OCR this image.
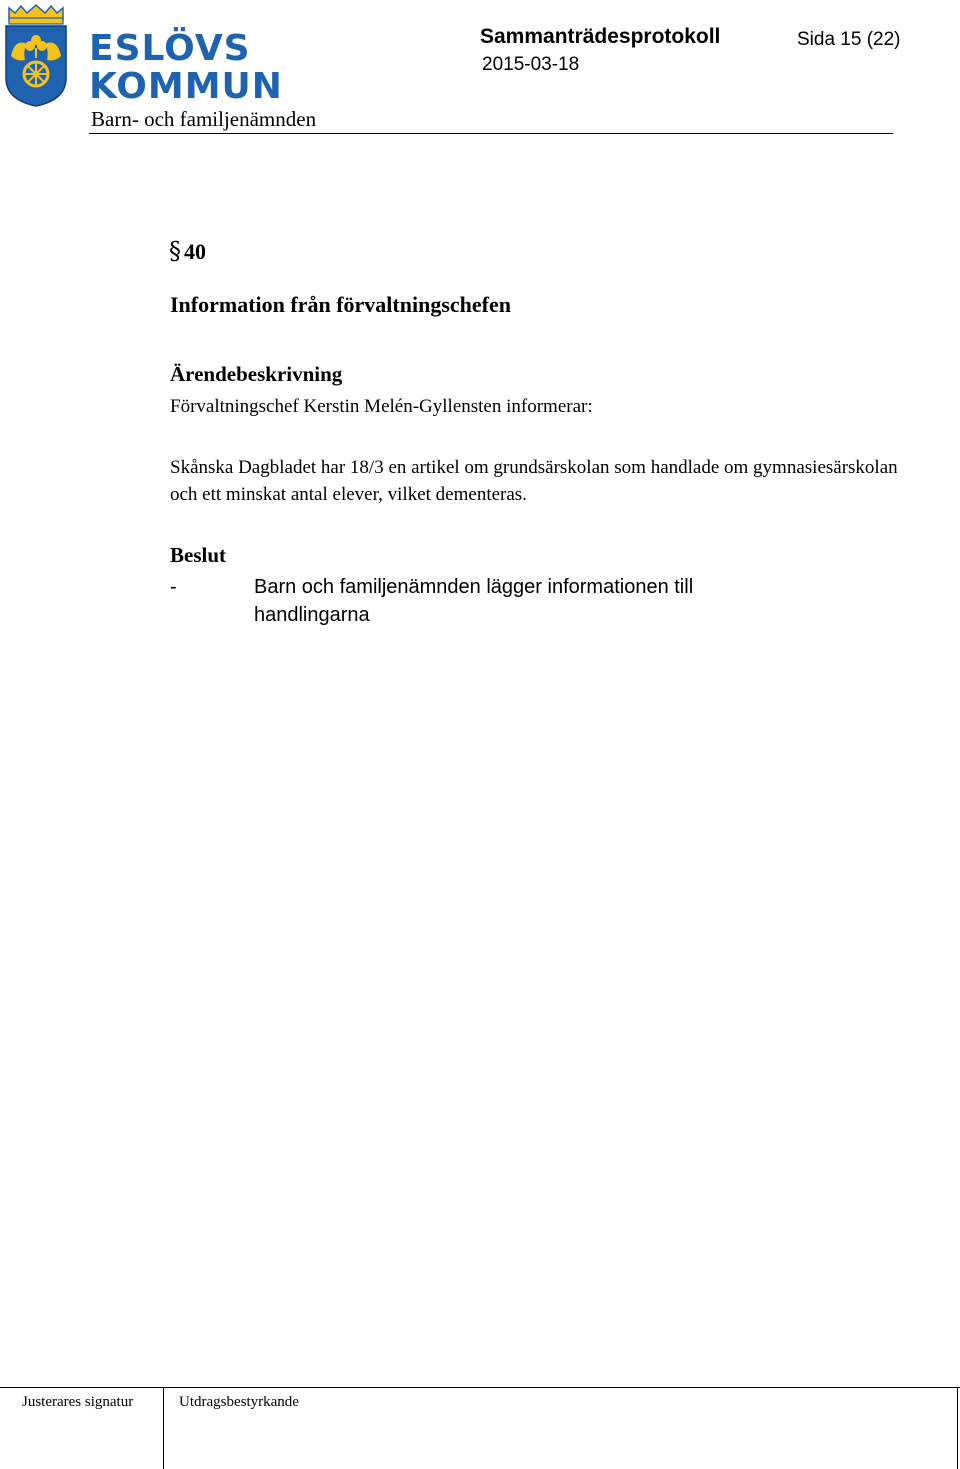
ESLÖVS
KOMMUN
Barn- och familjenämnden
Sammanträdesprotokoll
2015-03-18
Sida 15 (22)
§ 40
Information från förvaltningschefen
Ärendebeskrivning
Förvaltningschef Kerstin Melén-Gyllensten informerar:
Skånska Dagbladet har 18/3 en artikel om grundsärskolan som handlade om gymnasiesärskolan och ett minskat antal elever, vilket dementeras.
Beslut
-	Barn och familjenämnden lägger informationen till handlingarna
Justerares signatur	Utdragsbestyrkande
